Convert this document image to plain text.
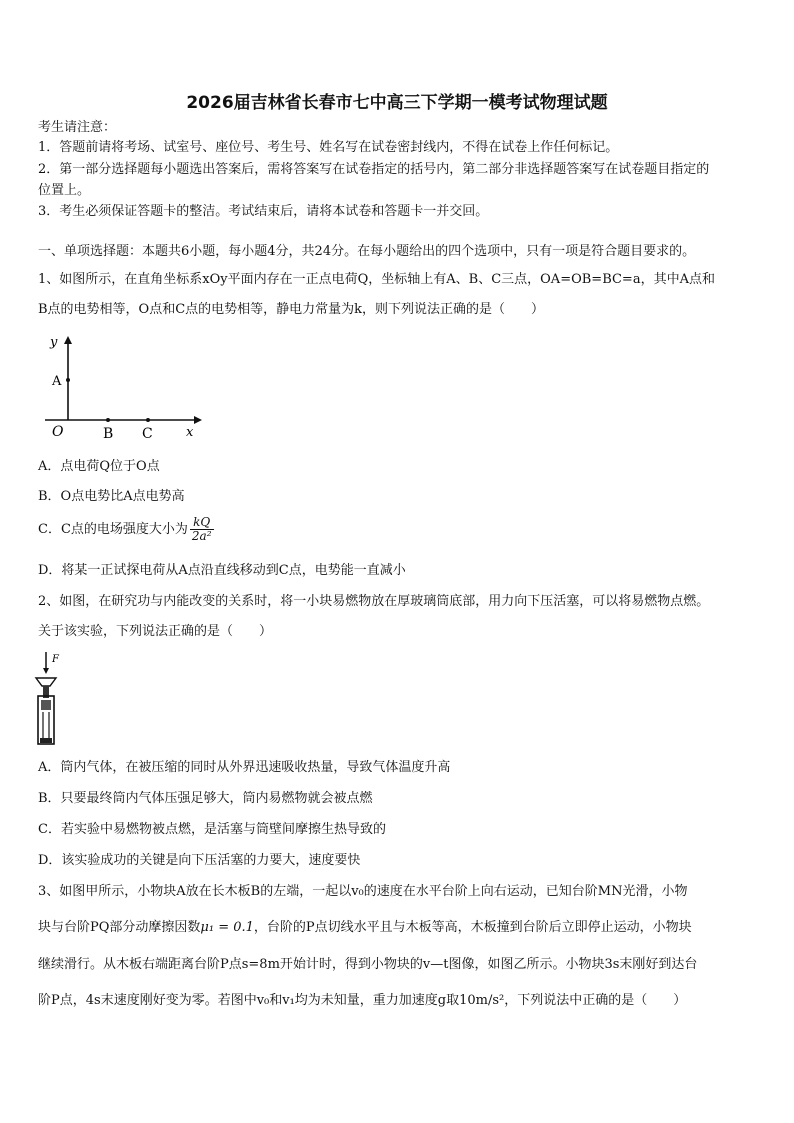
2026届吉林省长春市七中高三下学期一模考试物理试题
考生请注意：
1．答题前请将考场、试室号、座位号、考生号、姓名写在试卷密封线内，不得在试卷上作任何标记。
2．第一部分选择题每小题选出答案后，需将答案写在试卷指定的括号内，第二部分非选择题答案写在试卷题目指定的
位置上。
3．考生必须保证答题卡的整洁。考试结束后，请将本试卷和答题卡一并交回。
一、单项选择题：本题共6小题，每小题4分，共24分。在每小题给出的四个选项中，只有一项是符合题目要求的。
1、如图所示，在直角坐标系xOy平面内存在一正点电荷Q，坐标轴上有A、B、C三点，OA=OB=BC=a，其中A点和
B点的电势相等，O点和C点的电势相等，静电力常量为k，则下列说法正确的是（　　）
y
A
O	B C	x
A．点电荷Q位于O点
B．O点电势比A点电势高
C．C点的电场强度大小为 $\frac{kQ}{\text{2a²}}$
D．将某一正试探电荷从A点沿直线移动到C点，电势能一直减小
2、如图，在研究功与内能改变的关系时，将一小块易燃物放在厚玻璃筒底部，用力向下压活塞，可以将易燃物点燃。
关于该实验，下列说法正确的是（　　）
F
A．筒内气体，在被压缩的同时从外界迅速吸收热量，导致气体温度升高
B．只要最终筒内气体压强足够大，筒内易燃物就会被点燃
C．若实验中易燃物被点燃，是活塞与筒壁间摩擦生热导致的
D．该实验成功的关键是向下压活塞的力要大，速度要快
3、如图甲所示，小物块A放在长木板B的左端，一起以v₀的速度在水平台阶上向右运动，已知台阶MN光滑，小物
块与台阶PQ部分动摩擦因数μ₁ = 0.1，台阶的P点切线水平且与木板等高，木板撞到台阶后立即停止运动，小物块
继续滑行。从木板右端距离台阶P点s=8m开始计时，得到小物块的v—t图像，如图乙所示。小物块3s末刚好到达台
阶P点，4s末速度刚好变为零。若图中v₀和v₁均为未知量，重力加速度g取10m/s²，下列说法中正确的是（　　）
